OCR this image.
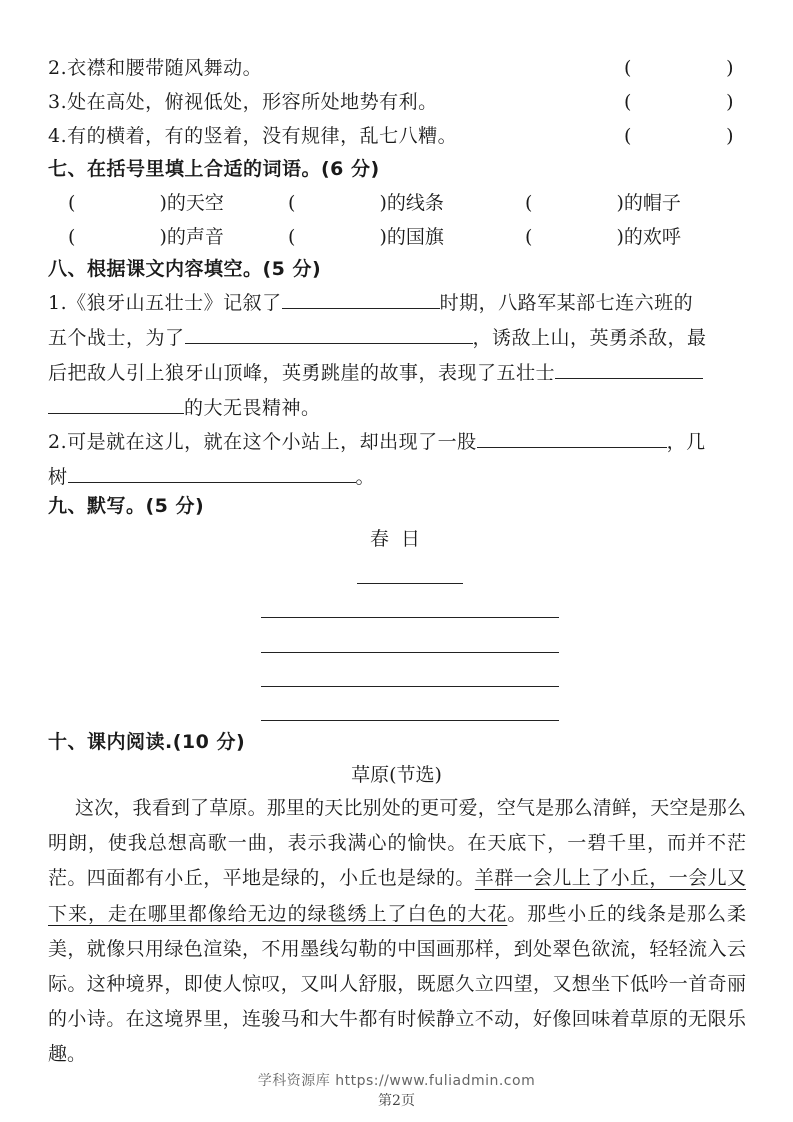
2.衣襟和腰带随风舞动。	(	)
3.处在高处，俯视低处，形容所处地势有利。	(	)
4.有的横着，有的竖着，没有规律，乱七八糟。	(	)
七、在括号里填上合适的词语。(6 分)
(	)的天空	(	)的线条	(	)的帽子
(	)的声音	(	)的国旗	(	)的欢呼
八、根据课文内容填空。(5 分)
1.《狼牙山五壮士》记叙了	时期，八路军某部七连六班的
五个战士，为了	，诱敌上山，英勇杀敌，最
后把敌人引上狼牙山顶峰，英勇跳崖的故事，表现了五壮士
的大无畏精神。
2.可是就在这儿，就在这个小站上，却出现了一股	，几
树	。
九、默写。(5 分)
春 日
十、课内阅读.(10 分)
草原(节选)
这次，我看到了草原。那里的天比别处的更可爱，空气是那么清鲜，天空是那么明朗，使我总想高歌一曲，表示我满心的愉快。在天底下，一碧千里，而并不茫茫。四面都有小丘，平地是绿的，小丘也是绿的。羊群一会儿上了小丘，一会儿又下来，走在哪里都像给无边的绿毯绣上了白色的大花。那些小丘的线条是那么柔美，就像只用绿色渲染，不用墨线勾勒的中国画那样，到处翠色欲流，轻轻流入云际。这种境界，即使人惊叹，又叫人舒服，既愿久立四望，又想坐下低吟一首奇丽的小诗。在这境界里，连骏马和大牛都有时候静立不动，好像回味着草原的无限乐趣。
学科资源库 https://www.fuliadmin.com
第2页
